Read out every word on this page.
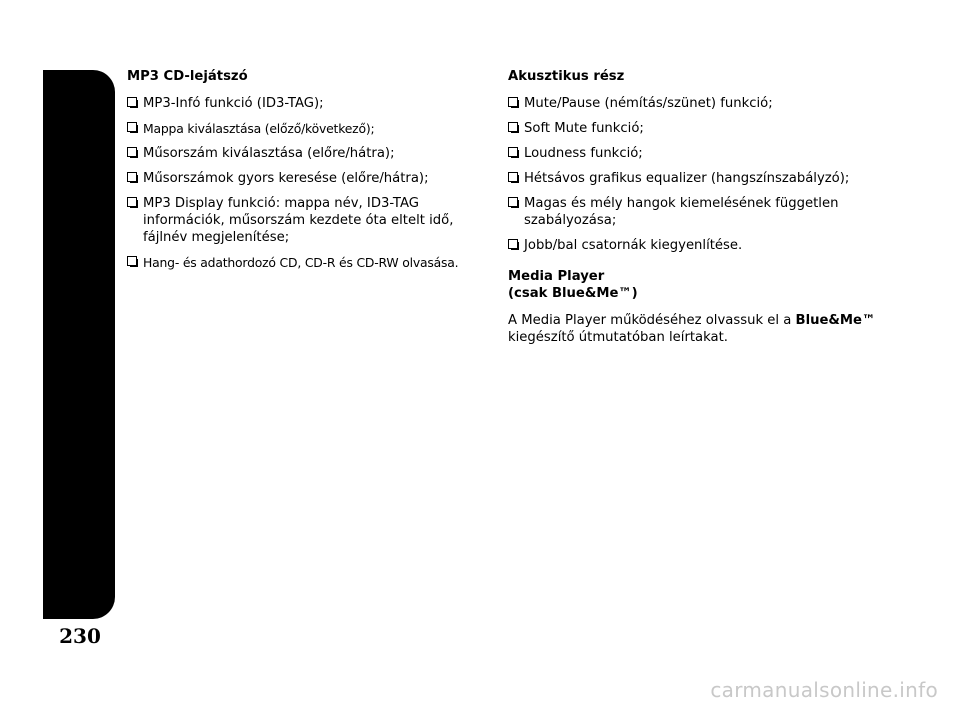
AUTÓRÁDIÓ
230
MP3 CD-lejátszó
MP3-Infó funkció (ID3-TAG);
Mappa kiválasztása (előző/következő);
Műsorszám kiválasztása (előre/hátra);
Műsorszámok gyors keresése (előre/hátra);
MP3 Display funkció: mappa név, ID3-TAG információk, műsorszám kezdete óta eltelt idő, fájlnév megjelenítése;
Hang- és adathordozó CD, CD-R és CD-RW olvasása.
Akusztikus rész
Mute/Pause (némítás/szünet) funkció;
Soft Mute funkció;
Loudness funkció;
Hétsávos grafikus equalizer (hangszínszabályzó);
Magas és mély hangok kiemelésének független szabályozása;
Jobb/bal csatornák kiegyenlítése.
Media Player
(csak Blue&Me™)
A Media Player működéséhez olvassuk el a Blue&Me™ kiegészítő útmutatóban leírtakat.
carmanualsonline.info
